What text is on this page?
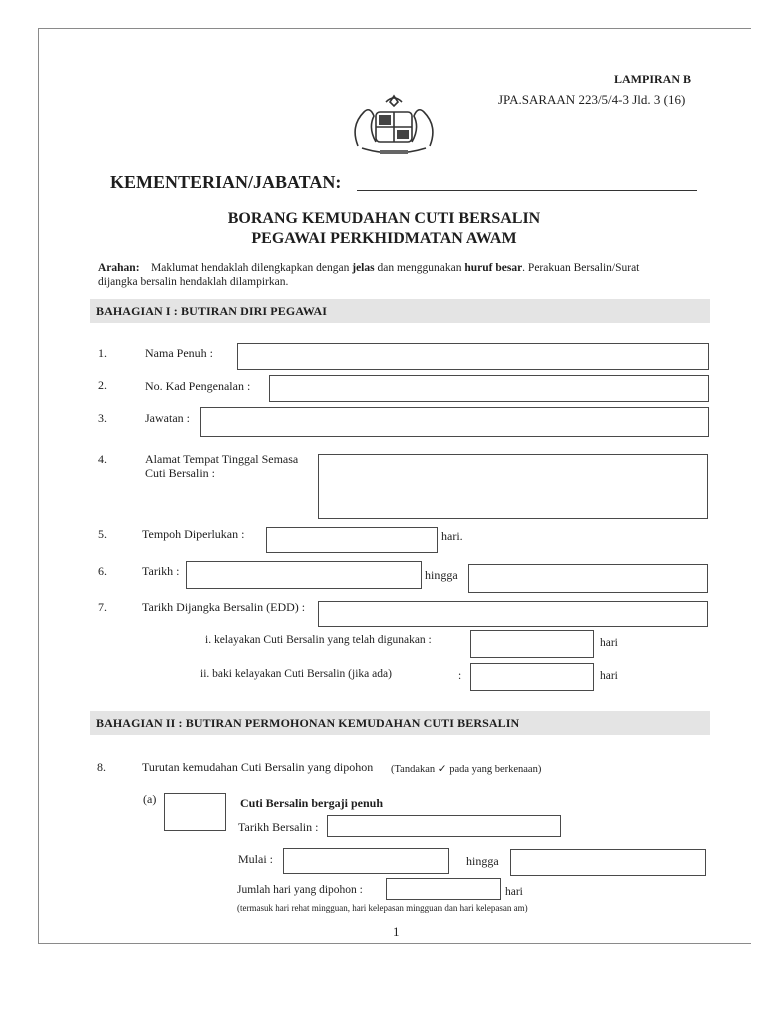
LAMPIRAN B
JPA.SARAAN 223/5/4-3 Jld. 3 (16)
KEMENTERIAN/JABATAN:
BORANG KEMUDAHAN CUTI BERSALIN
PEGAWAI PERKHIDMATAN AWAM
Arahan: Maklumat hendaklah dilengkapkan dengan jelas dan menggunakan huruf besar. Perakuan Bersalin/Surat
dijangka bersalin hendaklah dilampirkan.
BAHAGIAN I : BUTIRAN DIRI PEGAWAI
1.	Nama Penuh :
2.	No. Kad Pengenalan :
3.	Jawatan :
4.	Alamat Tempat Tinggal Semasa
Cuti Bersalin :
5.	Tempoh Diperlukan :	hari.
6.	Tarikh :	hingga
7.	Tarikh Dijangka Bersalin (EDD) :
i. kelayakan Cuti Bersalin yang telah digunakan :	hari
ii. baki kelayakan Cuti Bersalin (jika ada)	:	hari
BAHAGIAN II : BUTIRAN PERMOHONAN KEMUDAHAN CUTI BERSALIN
8.	Turutan kemudahan Cuti Bersalin yang dipohon (Tandakan ✓ pada yang berkenaan)
(a)	Cuti Bersalin bergaji penuh
Tarikh Bersalin :
Mulai :	hingga
Jumlah hari yang dipohon :	hari
(termasuk hari rehat mingguan, hari kelepasan mingguan dan hari kelepasan am)
1
